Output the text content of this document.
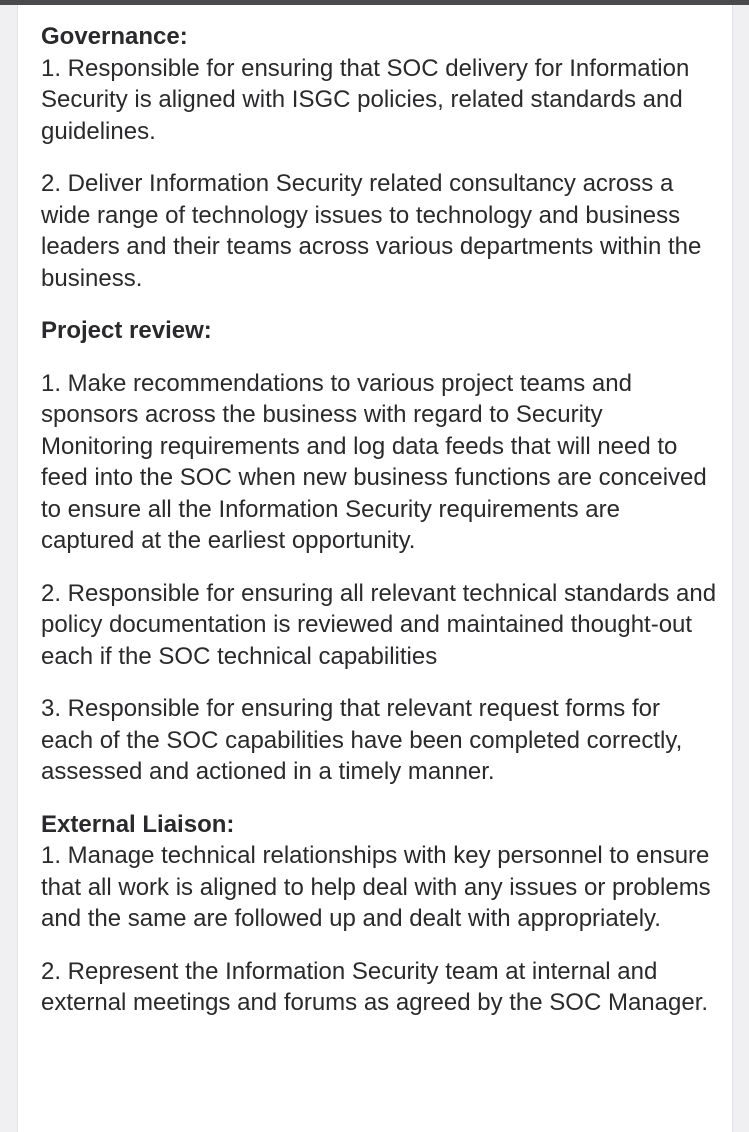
Governance:

1. Responsible for ensuring that SOC delivery for Information Security is aligned with ISGC policies, related standards and guidelines.

2. Deliver Information Security related consultancy across a wide range of technology issues to technology and business leaders and their teams across various departments within the business.

Project review:

1. Make recommendations to various project teams and sponsors across the business with regard to Security Monitoring requirements and log data feeds that will need to feed into the SOC when new business functions are conceived to ensure all the Information Security requirements are captured at the earliest opportunity.

2. Responsible for ensuring all relevant technical standards and policy documentation is reviewed and maintained thought-out each if the SOC technical capabilities

3. Responsible for ensuring that relevant request forms for each of the SOC capabilities have been completed correctly, assessed and actioned in a timely manner.

External Liaison:

1. Manage technical relationships with key personnel to ensure that all work is aligned to help deal with any issues or problems and the same are followed up and dealt with appropriately.

2. Represent the Information Security team at internal and external meetings and forums as agreed by the SOC Manager.
